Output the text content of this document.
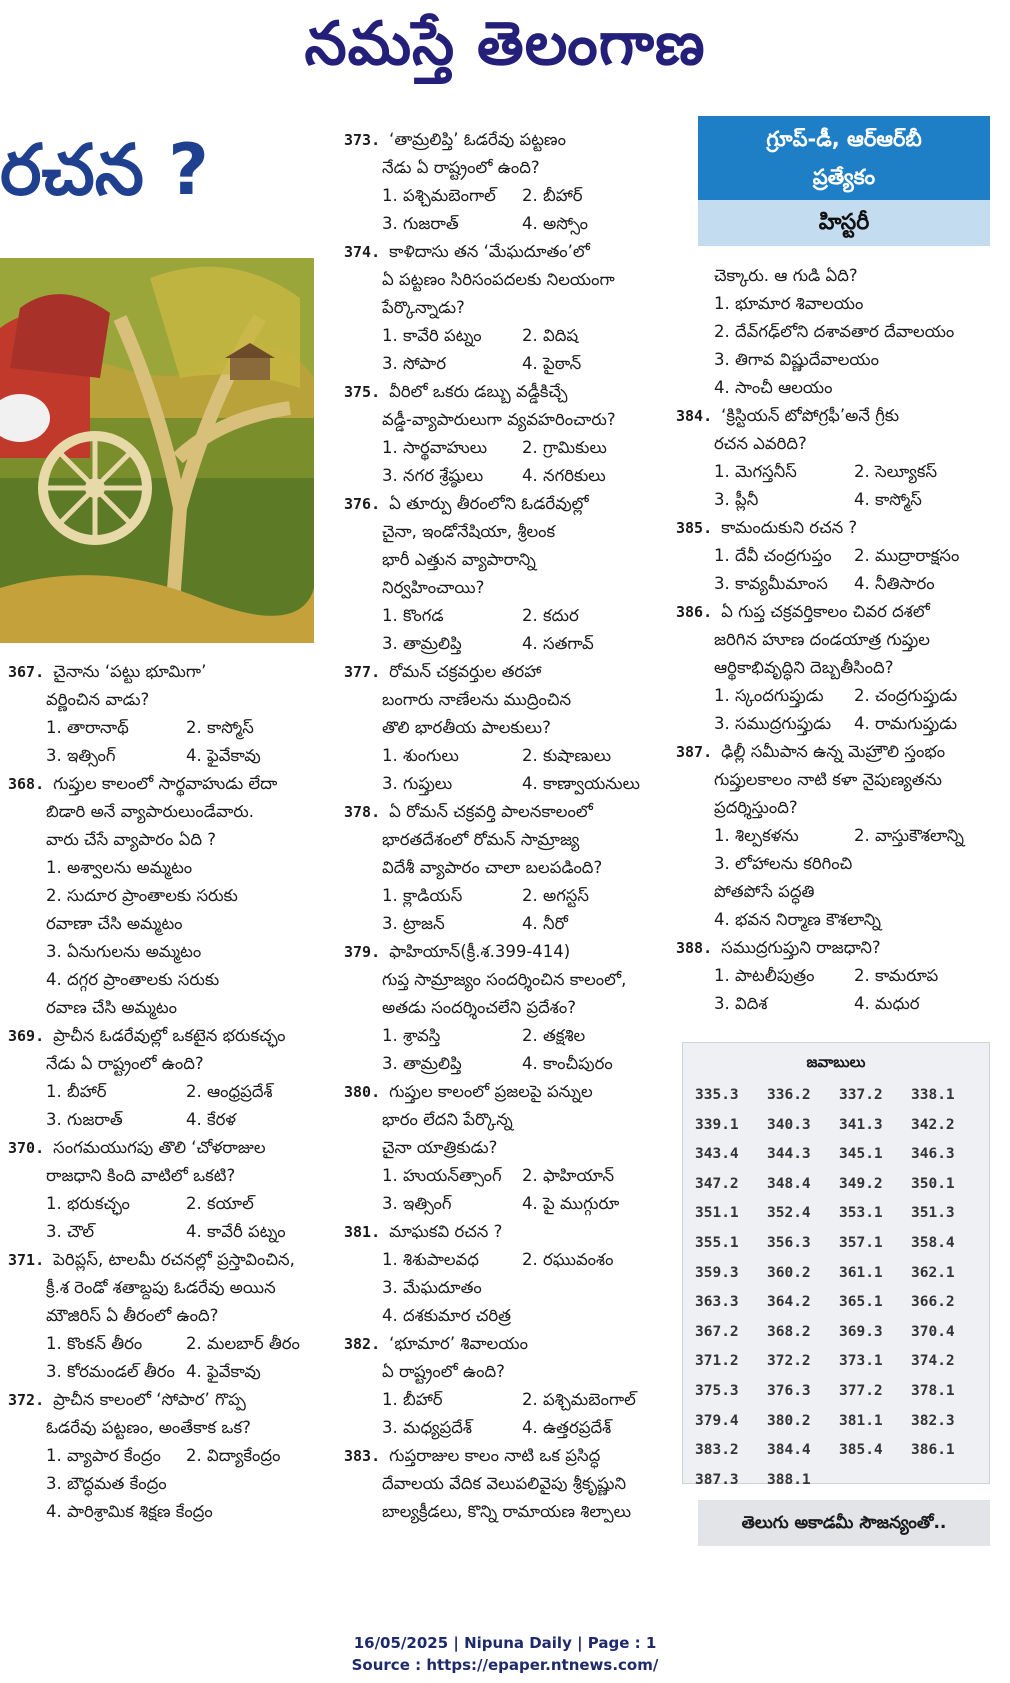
నమస్తే తెలంగాణ
రచన ?	గ్రూప్-డీ, ఆర్‌ఆర్‌బీ
ప్రత్యేకం
హిస్టరీ
367. చైనాను ‘పట్టు భూమిగా’
వర్ణించిన వాడు?
1. తారానాథ్	2. కాస్మోస్
3. ఇత్సింగ్	4. ఫైవేకావు
368. గుప్తుల కాలంలో సార్థవాహుడు లేదా
బిడారి అనే వ్యాపారులుండేవారు.
వారు చేసే వ్యాపారం ఏది ?
1. అశ్వాలను అమ్మటం
2. సుదూర ప్రాంతాలకు సరుకు
రవాణా చేసి అమ్మటం
3. ఏనుగులను అమ్మటం
4. దగ్గర ప్రాంతాలకు సరుకు
రవాణ చేసి అమ్మటం
369. ప్రాచీన ఓడరేవుల్లో ఒకటైన భరుకచ్ఛం
నేడు ఏ రాష్ట్రంలో ఉంది?
1. బీహార్	2. ఆంధ్రప్రదేశ్
3. గుజరాత్	4. కేరళ
370. సంగమయుగపు తొలి ‘చోళరాజుల
రాజధాని కింది వాటిలో ఒకటి?
1. భరుకచ్ఛం	2. కయాల్
3. చౌల్	4. కావేరీ పట్నం
371. పెరిప్లస్, టాలమీ రచనల్లో ప్రస్తావించిన,
క్రీ.శ రెండో శతాబ్దపు ఓడరేవు అయిన
మౌజిరిస్ ఏ తీరంలో ఉంది?
1. కొంకన్ తీరం	2. మలబార్ తీరం
3. కోరమండల్ తీరం 4. ఫైవేకావు
372. ప్రాచీన కాలంలో ‘సోపార’ గొప్ప
ఓడరేవు పట్టణం, అంతేకాక ఒక?
1. వ్యాపార కేంద్రం	2. విద్యాకేంద్రం
3. బౌద్ధమత కేంద్రం
4. పారిశ్రామిక శిక్షణ కేంద్రం
373. ‘తామ్రలిప్తి’ ఓడరేవు పట్టణం
నేడు ఏ రాష్ట్రంలో ఉంది?
1. పశ్చిమబెంగాల్	2. బీహార్
3. గుజరాత్	4. అస్సోం
374. కాళిదాసు తన ‘మేఘదూతం’లో
ఏ పట్టణం సిరిసంపదలకు నిలయంగా
పేర్కొన్నాడు?
1. కావేరి పట్నం	2. విదిష
3. సోపార	4. పైఠాన్
375. వీరిలో ఒకరు డబ్బు వడ్డీకిచ్చే
వడ్డీ-వ్యాపారులుగా వ్యవహరించారు?
1. సార్థవాహులు	2. గ్రామికులు
3. నగర శ్రేష్ఠులు	4. నగరికులు
376. ఏ తూర్పు తీరంలోని ఓడరేవుల్లో
చైనా, ఇండోనేషియా, శ్రీలంక
భారీ ఎత్తున వ్యాపారాన్ని
నిర్వహించాయి?
1. కొంగడ	2. కదుర
3. తామ్రలిప్తి	4. సతగావ్
377. రోమన్ చక్రవర్తుల తరహా
బంగారు నాణేలను ముద్రించిన
తొలి భారతీయ పాలకులు?
1. శుంగులు	2. కుషాణులు
3. గుప్తులు	4. కాణ్వాయనులు
378. ఏ రోమన్ చక్రవర్తి పాలనకాలంలో
భారతదేశంలో రోమన్ సామ్రాజ్య
విదేశీ వ్యాపారం చాలా బలపడింది?
1. క్లాడియస్	2. అగస్టస్
3. ట్రాజన్	4. నీరో
379. ఫాహియాన్(క్రీ.శ.399-414)
గుప్త సామ్రాజ్యం సందర్శించిన కాలంలో,
అతడు సందర్శించలేని ప్రదేశం?
1. శ్రావస్తి	2. తక్షశిల
3. తామ్రలిప్తి	4. కాంచీపురం
380. గుప్తుల కాలంలో ప్రజలపై పన్నుల
భారం లేదని పేర్కొన్న
చైనా యాత్రికుడు?
1. హుయన్‌త్సాంగ్	2. ఫాహియాన్
3. ఇత్సింగ్	4. పై ముగ్గురూ
381. మాఘకవి రచన ?
1. శిశుపాలవధ	2. రఘువంశం
3. మేఘదూతం
4. దశకుమార చరిత్ర
382. ‘భూమార’ శివాలయం
ఏ రాష్ట్రంలో ఉంది?
1. బీహార్	2. పశ్చిమబెంగాల్
3. మధ్యప్రదేశ్	4. ఉత్తరప్రదేశ్
383. గుప్తరాజుల కాలం నాటి ఒక ప్రసిద్ధ
దేవాలయ వేదిక వెలుపలివైపు శ్రీకృష్ణుని
బాల్యక్రీడలు, కొన్ని రామాయణ శిల్పాలు
చెక్కారు. ఆ గుడి ఏది?
1. భూమార శివాలయం
2. దేవ్‌గఢ్‌లోని దశావతార దేవాలయం
3. తిగావ విష్ణుదేవాలయం
4. సాంచీ ఆలయం
384. ‘క్రిస్టియన్ టోపోగ్రఫీ’అనే గ్రీకు
రచన ఎవరిది?
1. మెగస్తనీస్	2. సెల్యూకస్
3. ప్లీనీ	4. కాస్మోస్
385. కామందుకుని రచన ?
1. దేవీ చంద్రగుప్తం	2. ముద్రారాక్షసం
3. కావ్యమీమాంస	4. నీతిసారం
386. ఏ గుప్త చక్రవర్తికాలం చివర దశలో
జరిగిన హూణ దండయాత్ర గుప్తుల
ఆర్థికాభివృద్ధిని దెబ్బతీసింది?
1. స్కందగుప్తుడు	2. చంద్రగుప్తుడు
3. సముద్రగుప్తుడు	4. రామగుప్తుడు
387. ఢిల్లీ సమీపాన ఉన్న మెహ్రౌలి స్తంభం
గుప్తులకాలం నాటి కళా నైపుణ్యతను
ప్రదర్శిస్తుంది?
1. శిల్పకళను	2. వాస్తుకౌశలాన్ని
3. లోహాలను కరిగించి
పోతపోసే పద్ధతి
4. భవన నిర్మాణ కౌశలాన్ని
388. సముద్రగుప్తుని రాజధాని?
1. పాటలీపుత్రం	2. కామరూప
3. విదిశ	4. మధుర
జవాబులు
335.3	336.2	337.2	338.1
339.1	340.3	341.3	342.2
343.4	344.3	345.1	346.3
347.2	348.4	349.2	350.1
351.1	352.4	353.1	351.3
355.1	356.3	357.1	358.4
359.3	360.2	361.1	362.1
363.3	364.2	365.1	366.2
367.2	368.2	369.3	370.4
371.2	372.2	373.1	374.2
375.3	376.3	377.2	378.1
379.4	380.2	381.1	382.3
383.2	384.4	385.4	386.1
387.3	388.1
తెలుగు అకాడమీ సౌజన్యంతో..
16/05/2025 | Nipuna Daily | Page : 1
Source : https://epaper.ntnews.com/
